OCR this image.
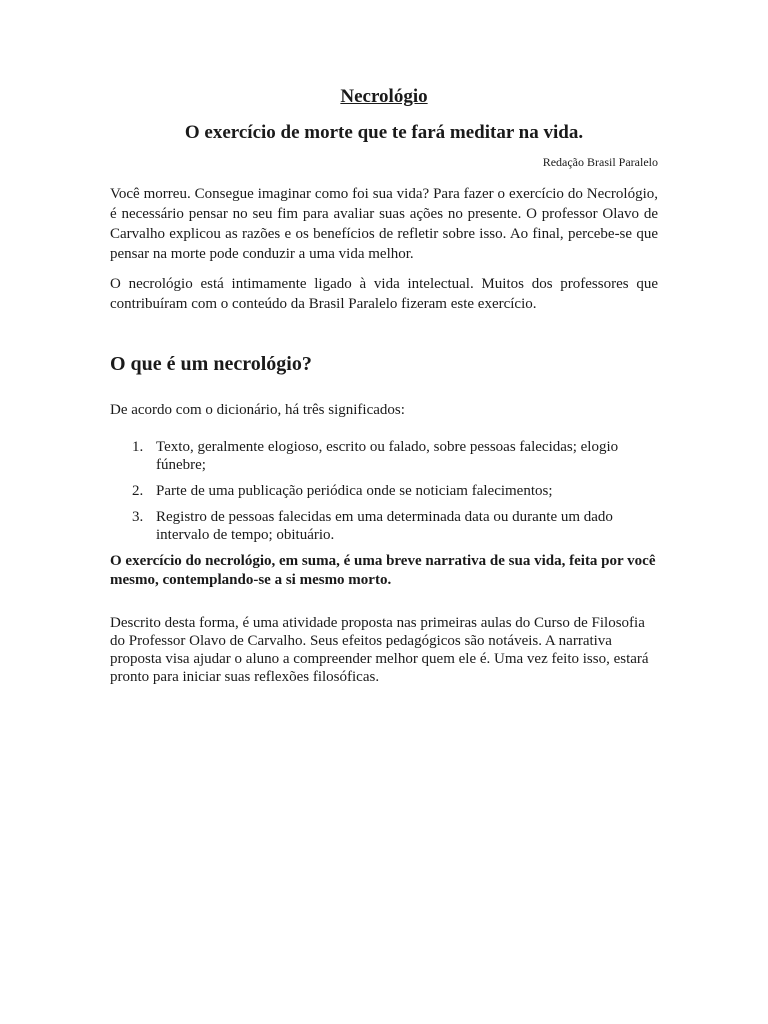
Necrológio
O exercício de morte que te fará meditar na vida.

Redação Brasil Paralelo

Você morreu. Consegue imaginar como foi sua vida? Para fazer o exercício do Necrológio, é necessário pensar no seu fim para avaliar suas ações no presente. O professor Olavo de Carvalho explicou as razões e os benefícios de refletir sobre isso. Ao final, percebe-se que pensar na morte pode conduzir a uma vida melhor.

O necrológio está intimamente ligado à vida intelectual. Muitos dos professores que contribuíram com o conteúdo da Brasil Paralelo fizeram este exercício.

O que é um necrológio?

De acordo com o dicionário, há três significados:

1. Texto, geralmente elogioso, escrito ou falado, sobre pessoas falecidas; elogio fúnebre;
2. Parte de uma publicação periódica onde se noticiam falecimentos;
3. Registro de pessoas falecidas em uma determinada data ou durante um dado intervalo de tempo; obituário.

O exercício do necrológio, em suma, é uma breve narrativa de sua vida, feita por você mesmo, contemplando-se a si mesmo morto.

Descrito desta forma, é uma atividade proposta nas primeiras aulas do Curso de Filosofia do Professor Olavo de Carvalho. Seus efeitos pedagógicos são notáveis. A narrativa proposta visa ajudar o aluno a compreender melhor quem ele é. Uma vez feito isso, estará pronto para iniciar suas reflexões filosóficas.
